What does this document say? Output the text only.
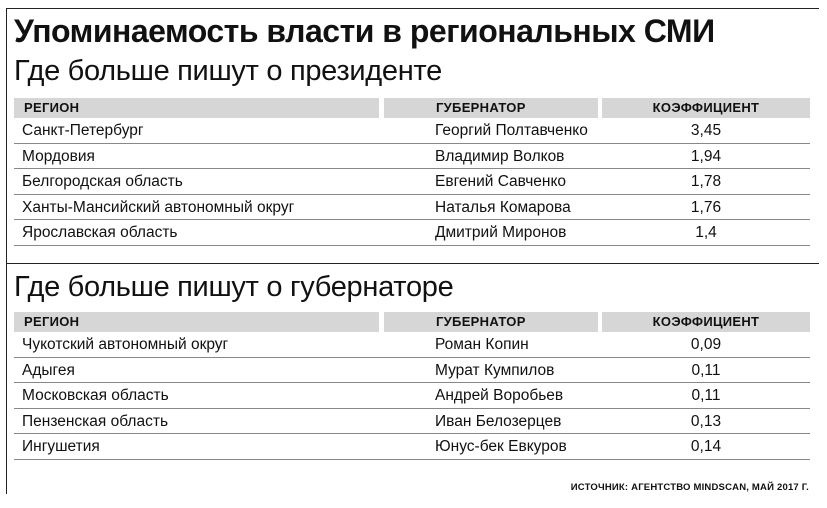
Упоминаемость власти в региональных СМИ
Где больше пишут о президенте
РЕГИОН	ГУБЕРНАТОР	КОЭФФИЦИЕНТ
Санкт-Петербург	Георгий Полтавченко	3,45
Мордовия	Владимир Волков	1,94
Белгородская область	Евгений Савченко	1,78
Ханты-Мансийский автономный округ	Наталья Комарова	1,76
Ярославская область	Дмитрий Миронов	1,4
Где больше пишут о губернаторе
РЕГИОН	ГУБЕРНАТОР	КОЭФФИЦИЕНТ
Чукотский автономный округ	Роман Копин	0,09
Адыгея	Мурат Кумпилов	0,11
Московская область	Андрей Воробьев	0,11
Пензенская область	Иван Белозерцев	0,13
Ингушетия	Юнус-бек Евкуров	0,14
ИСТОЧНИК: АГЕНТСТВО MINDSCAN, МАЙ 2017 Г.
